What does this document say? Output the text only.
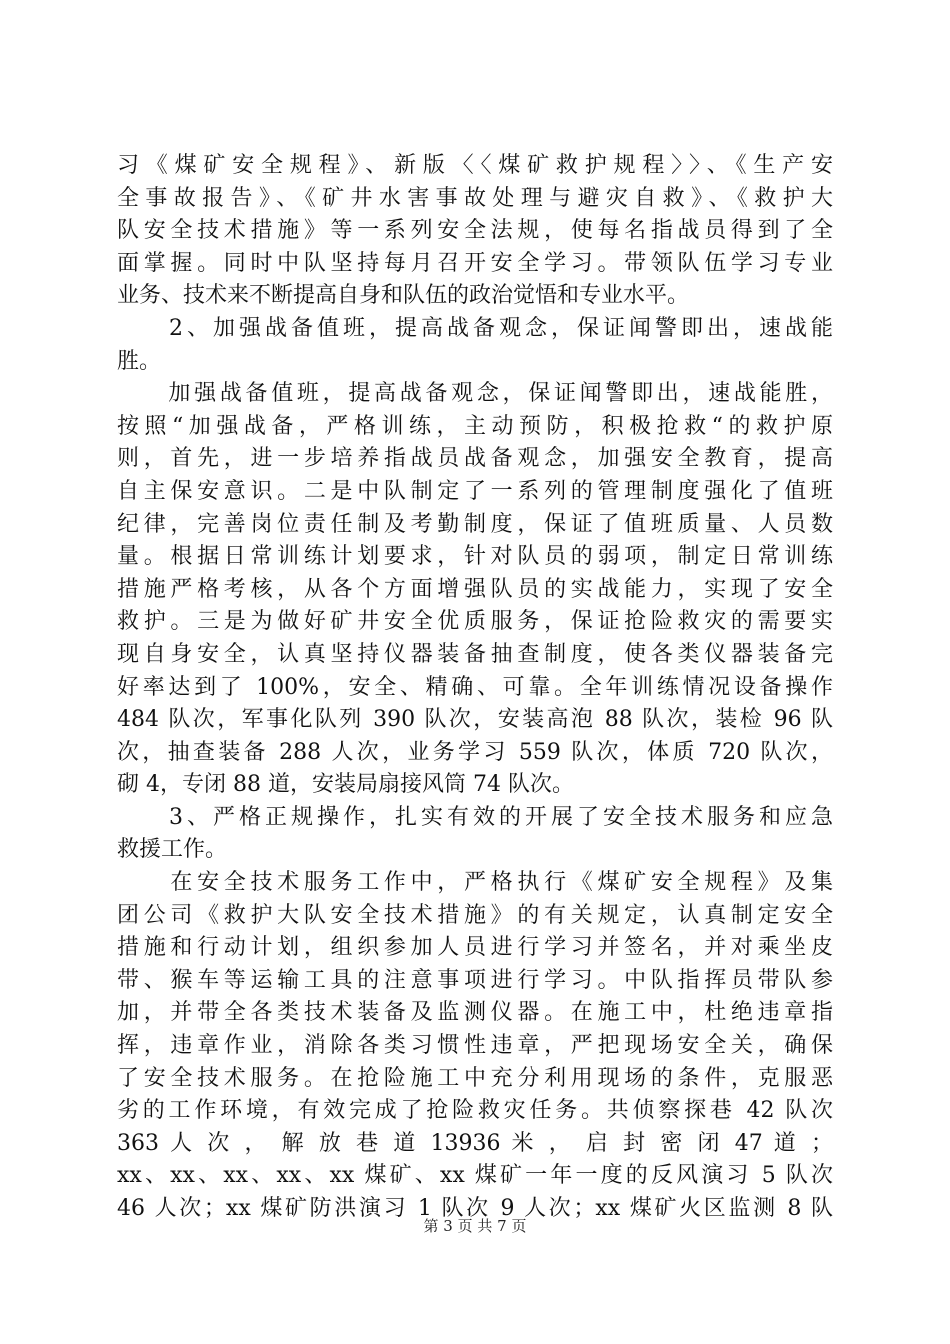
习《煤矿安全规程》、新版〈〈煤矿救护规程〉〉、《生产安
全事故报告》、《矿井水害事故处理与避灾自救》、《救护大
队安全技术措施》等一系列安全法规，使每名指战员得到了全
面掌握。同时中队坚持每月召开安全学习。带领队伍学习专业
业务、技术来不断提高自身和队伍的政治觉悟和专业水平。
　　2、加强战备值班，提高战备观念，保证闻警即出，速战能
胜。
　　加强战备值班，提高战备观念，保证闻警即出，速战能胜，
按照“加强战备，严格训练，主动预防，积极抢救“的救护原
则，首先，进一步培养指战员战备观念，加强安全教育，提高
自主保安意识。二是中队制定了一系列的管理制度强化了值班
纪律，完善岗位责任制及考勤制度，保证了值班质量、人员数
量。根据日常训练计划要求，针对队员的弱项，制定日常训练
措施严格考核，从各个方面增强队员的实战能力，实现了安全
救护。三是为做好矿井安全优质服务，保证抢险救灾的需要实
现自身安全，认真坚持仪器装备抽查制度，使各类仪器装备完
好率达到了 100%，安全、精确、可靠。全年训练情况设备操作
484 队次，军事化队列 390 队次，安装高泡 88 队次，装检 96 队
次，抽查装备 288 人次，业务学习 559 队次，体质 720 队次，
砌 4，专闭 88 道，安装局扇接风筒 74 队次。
　　3、严格正规操作，扎实有效的开展了安全技术服务和应急
救援工作。
　　在安全技术服务工作中，严格执行《煤矿安全规程》及集
团公司《救护大队安全技术措施》的有关规定，认真制定安全
措施和行动计划，组织参加人员进行学习并签名，并对乘坐皮
带、猴车等运输工具的注意事项进行学习。中队指挥员带队参
加，并带全各类技术装备及监测仪器。在施工中，杜绝违章指
挥，违章作业，消除各类习惯性违章，严把现场安全关，确保
了安全技术服务。在抢险施工中充分利用现场的条件，克服恶
劣的工作环境，有效完成了抢险救灾任务。共侦察探巷 42 队次
363 人 次 ， 解 放 巷 道 13936 米 ， 启 封 密 闭 47 道 ；
xx、xx、xx、xx、xx 煤矿、xx 煤矿一年一度的反风演习 5 队次
46 人次；xx 煤矿防洪演习 1 队次 9 人次；xx 煤矿火区监测 8 队
第 3 页 共 7 页
